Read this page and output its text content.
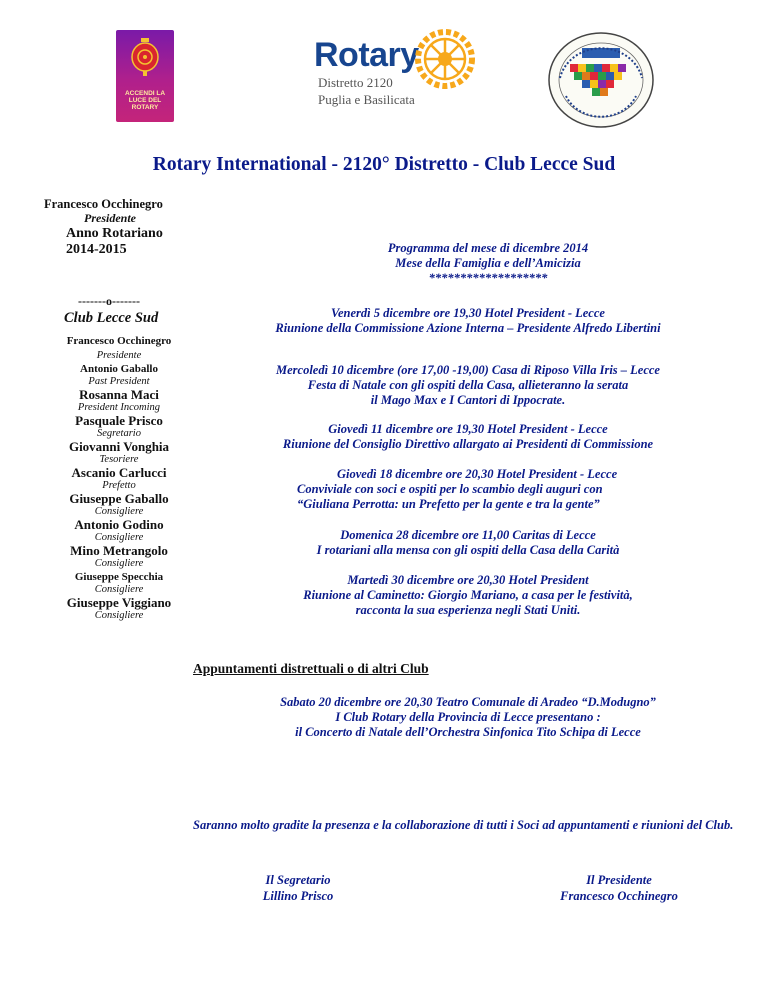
ACCENDI LA LUCE DEL ROTARY
Rotary
Distretto 2120
Puglia e Basilicata
Rotary International - 2120° Distretto - Club Lecce Sud
Francesco Occhinegro
Presidente
Anno Rotariano
2014-2015
-------o-------
Club Lecce Sud
Francesco Occhinegro
Presidente
Antonio Gaballo
Past President
Rosanna Maci
President Incoming
Pasquale Prisco
Segretario
Giovanni Vonghia
Tesoriere
Ascanio Carlucci
Prefetto
Giuseppe Gaballo
Consigliere
Antonio Godino
Consigliere
Mino Metrangolo
Consigliere
Giuseppe Specchia
Consigliere
Giuseppe Viggiano
Consigliere
Programma del mese di dicembre 2014
Mese della Famiglia e dell’Amicizia
*******************
Venerdì 5 dicembre ore 19,30 Hotel President - Lecce
Riunione della Commissione Azione Interna – Presidente Alfredo Libertini
Mercoledì 10 dicembre (ore 17,00 -19,00) Casa di Riposo Villa Iris – Lecce
Festa di Natale con gli ospiti della Casa, allieteranno la serata
il Mago Max e I Cantori di Ippocrate.
Giovedì 11 dicembre ore 19,30 Hotel President - Lecce
Riunione del Consiglio Direttivo allargato ai Presidenti di Commissione
Giovedì 18 dicembre ore 20,30 Hotel President - Lecce
Conviviale con soci e ospiti per lo scambio degli auguri con
“Giuliana Perrotta: un Prefetto per la gente e tra la gente”
Domenica 28 dicembre ore 11,00 Caritas di Lecce
I rotariani alla mensa con gli ospiti della Casa della Carità
Martedì 30 dicembre ore 20,30 Hotel President
Riunione al Caminetto: Giorgio Mariano, a casa per le festività,
racconta la sua esperienza negli Stati Uniti.
Appuntamenti distrettuali o di altri Club
Sabato 20 dicembre ore 20,30 Teatro Comunale di Aradeo “D.Modugno”
I Club Rotary della Provincia di Lecce presentano :
il Concerto di Natale dell’Orchestra Sinfonica Tito Schipa di Lecce
Saranno molto gradite la presenza e la collaborazione di tutti i Soci ad appuntamenti e riunioni del Club.
Il Segretario
Lillino Prisco
Il Presidente
Francesco Occhinegro
